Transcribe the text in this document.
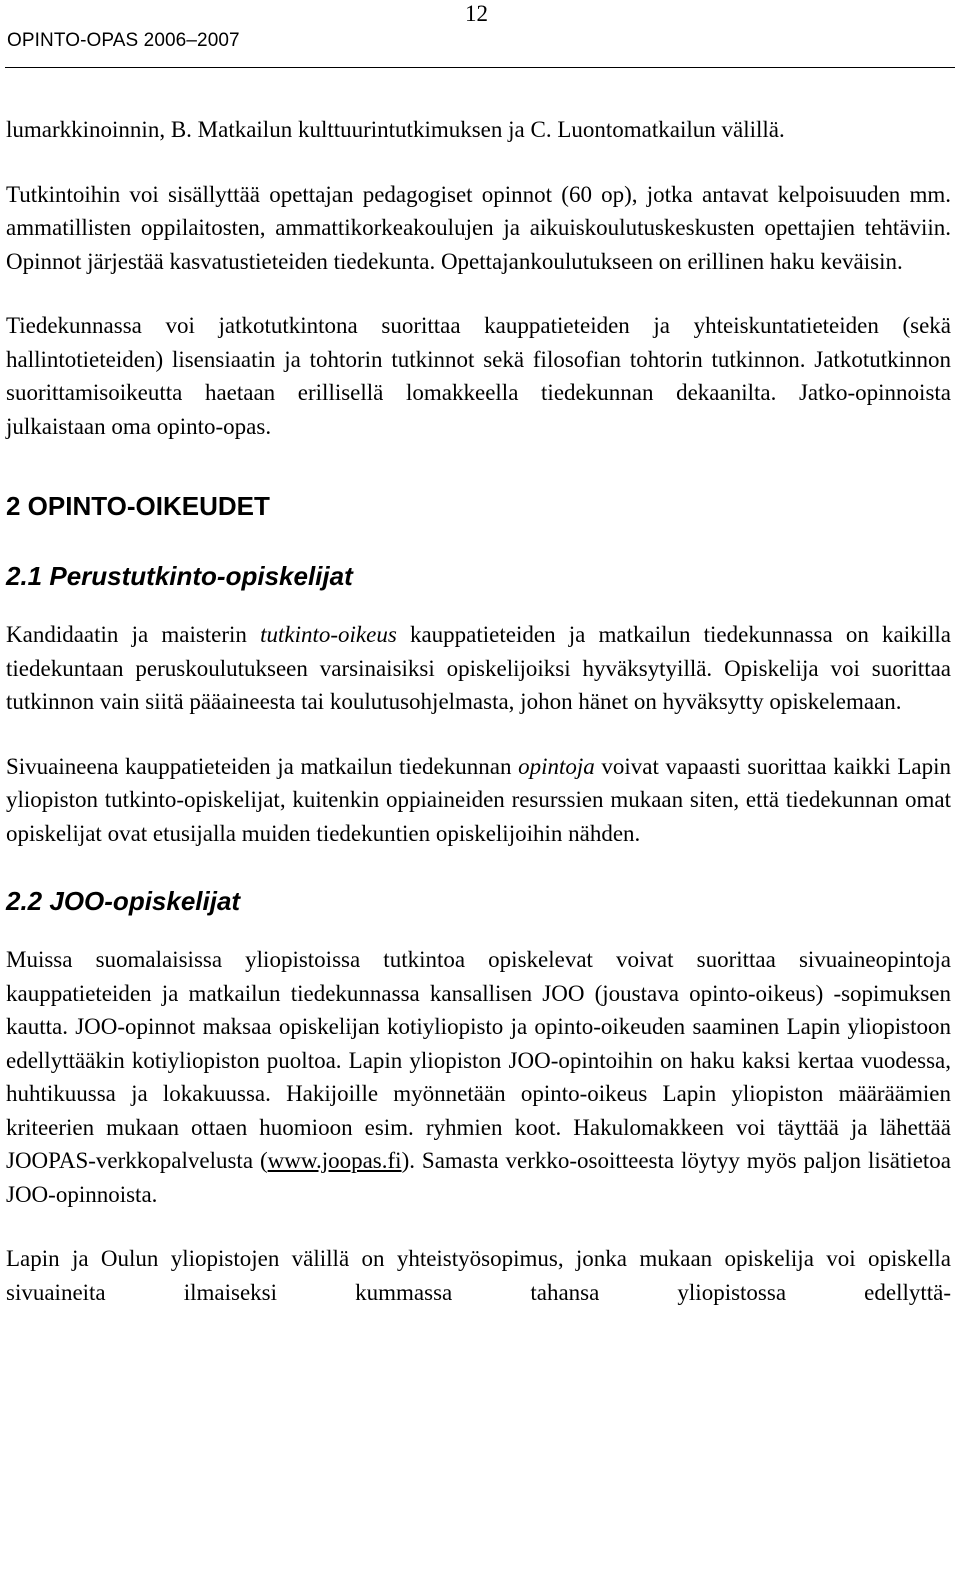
OPINTO-OPAS 2006–2007
12

lumarkkinoinnin, B. Matkailun kulttuurintutkimuksen ja C. Luontomatkailun välillä.

Tutkintoihin voi sisällyttää opettajan pedagogiset opinnot (60 op), jotka antavat kelpoisuuden mm. ammatillisten oppilaitosten, ammattikorkeakoulujen ja aikuiskoulutuskeskusten opettajien tehtäviin. Opinnot järjestää kasvatustieteiden tiedekunta. Opettajankoulutukseen on erillinen haku keväisin.

Tiedekunnassa voi jatkotutkintona suorittaa kauppatieteiden ja yhteiskuntatieteiden (sekä hallintotieteiden) lisensiaatin ja tohtorin tutkinnot sekä filosofian tohtorin tutkinnon. Jatkotutkinnon suorittamisoikeutta haetaan erillisellä lomakkeella tiedekunnan dekaanilta. Jatko-opinnoista julkaistaan oma opinto-opas.

2 OPINTO-OIKEUDET
2.1 Perustutkinto-opiskelijat

Kandidaatin ja maisterin tutkinto-oikeus kauppatieteiden ja matkailun tiedekunnassa on kaikilla tiedekuntaan peruskoulutukseen varsinaisiksi opiskelijoiksi hyväksytyillä. Opiskelija voi suorittaa tutkinnon vain siitä pääaineesta tai koulutusohjelmasta, johon hänet on hyväksytty opiskelemaan.

Sivuaineena kauppatieteiden ja matkailun tiedekunnan opintoja voivat vapaasti suorittaa kaikki Lapin yliopiston tutkinto-opiskelijat, kuitenkin oppiaineiden resurssien mukaan siten, että tiedekunnan omat opiskelijat ovat etusijalla muiden tiedekuntien opiskelijoihin nähden.

2.2 JOO-opiskelijat

Muissa suomalaisissa yliopistoissa tutkintoa opiskelevat voivat suorittaa sivuaineopintoja kauppatieteiden ja matkailun tiedekunnassa kansallisen JOO (joustava opinto-oikeus) -sopimuksen kautta. JOO-opinnot maksaa opiskelijan kotiyliopisto ja opinto-oikeuden saaminen Lapin yliopistoon edellyttääkin kotiyliopiston puoltoa. Lapin yliopiston JOO-opintoihin on haku kaksi kertaa vuodessa, huhtikuussa ja lokakuussa. Hakijoille myönnetään opinto-oikeus Lapin yliopiston määräämien kriteerien mukaan ottaen huomioon esim. ryhmien koot. Hakulomakkeen voi täyttää ja lähettää JOOPAS-verkkopalvelusta (www.joopas.fi). Samasta verkko-osoitteesta löytyy myös paljon lisätietoa JOO-opinnoista.

Lapin ja Oulun yliopistojen välillä on yhteistyösopimus, jonka mukaan opiskelija voi opiskella sivuaineita ilmaiseksi kummassa tahansa yliopistossa edellyttä-
